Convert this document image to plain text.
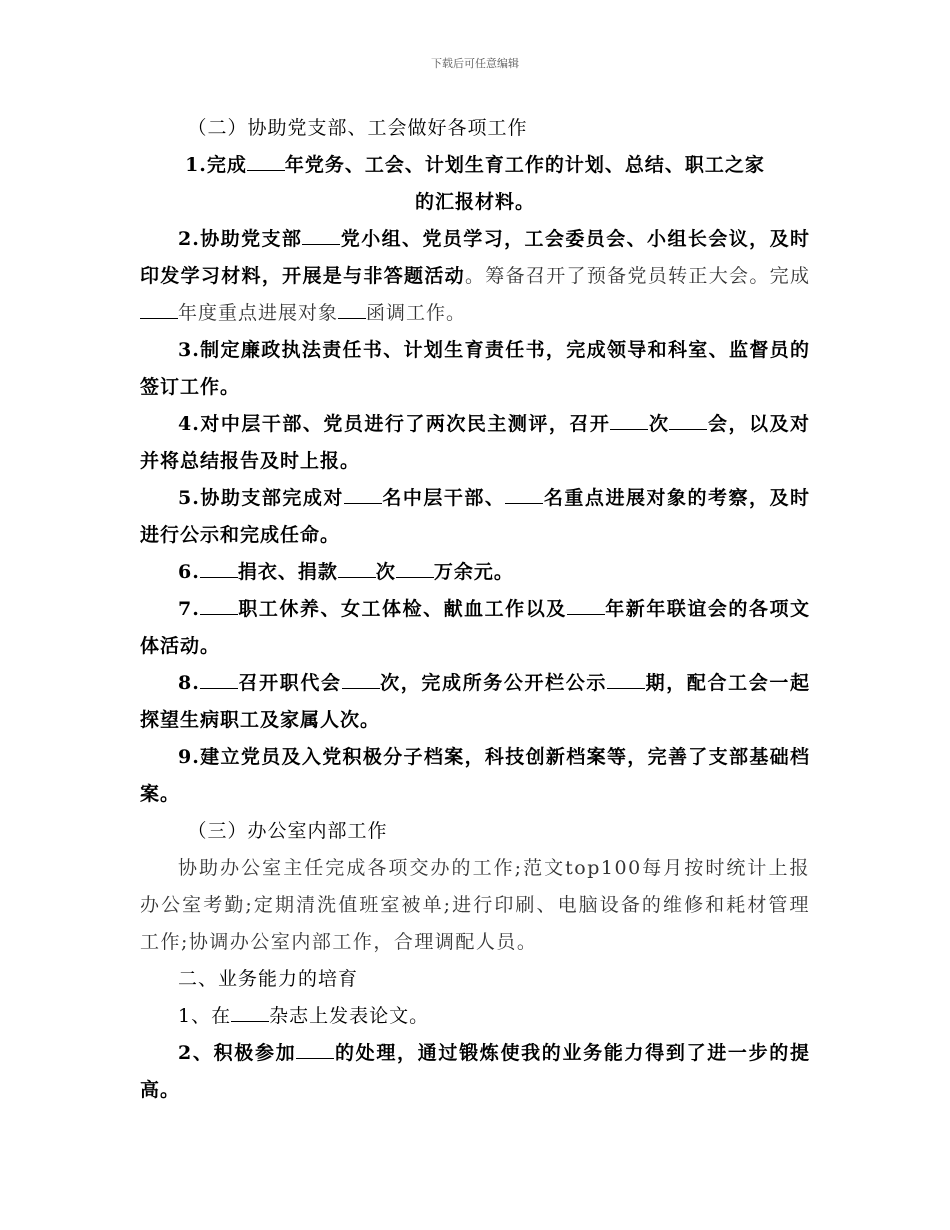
下载后可任意编辑

（二）协助党支部、工会做好各项工作

1.完成 年党务、工会、计划生育工作的计划、总结、职工之家
的汇报材料。

2.协助党支部 党小组、党员学习，工会委员会、小组长会议，及时印发学习材料，开展是与非答题活动。筹备召开了预备党员转正大会。完成年度重点进展对象 函调工作。

3.制定廉政执法责任书、计划生育责任书，完成领导和科室、监督员的签订工作。

4.对中层干部、党员进行了两次民主测评，召开 次 会，以及对并将总结报告及时上报。

5.协助支部完成对 名中层干部、 名重点进展对象的考察，及时进行公示和完成任命。

6. 捐衣、捐款 次 万余元。

7. 职工休养、女工体检、献血工作以及 年新年联谊会的各项文体活动。

8. 召开职代会 次，完成所务公开栏公示 期，配合工会一起探望生病职工及家属人次。

9.建立党员及入党积极分子档案，科技创新档案等，完善了支部基础档案。

（三）办公室内部工作

协助办公室主任完成各项交办的工作;范文top100每月按时统计上报办公室考勤;定期清洗值班室被单;进行印刷、电脑设备的维修和耗材管理工作;协调办公室内部工作，合理调配人员。

二、业务能力的培育

1、在 杂志上发表论文。

2、积极参加 的处理，通过锻炼使我的业务能力得到了进一步的提高。
